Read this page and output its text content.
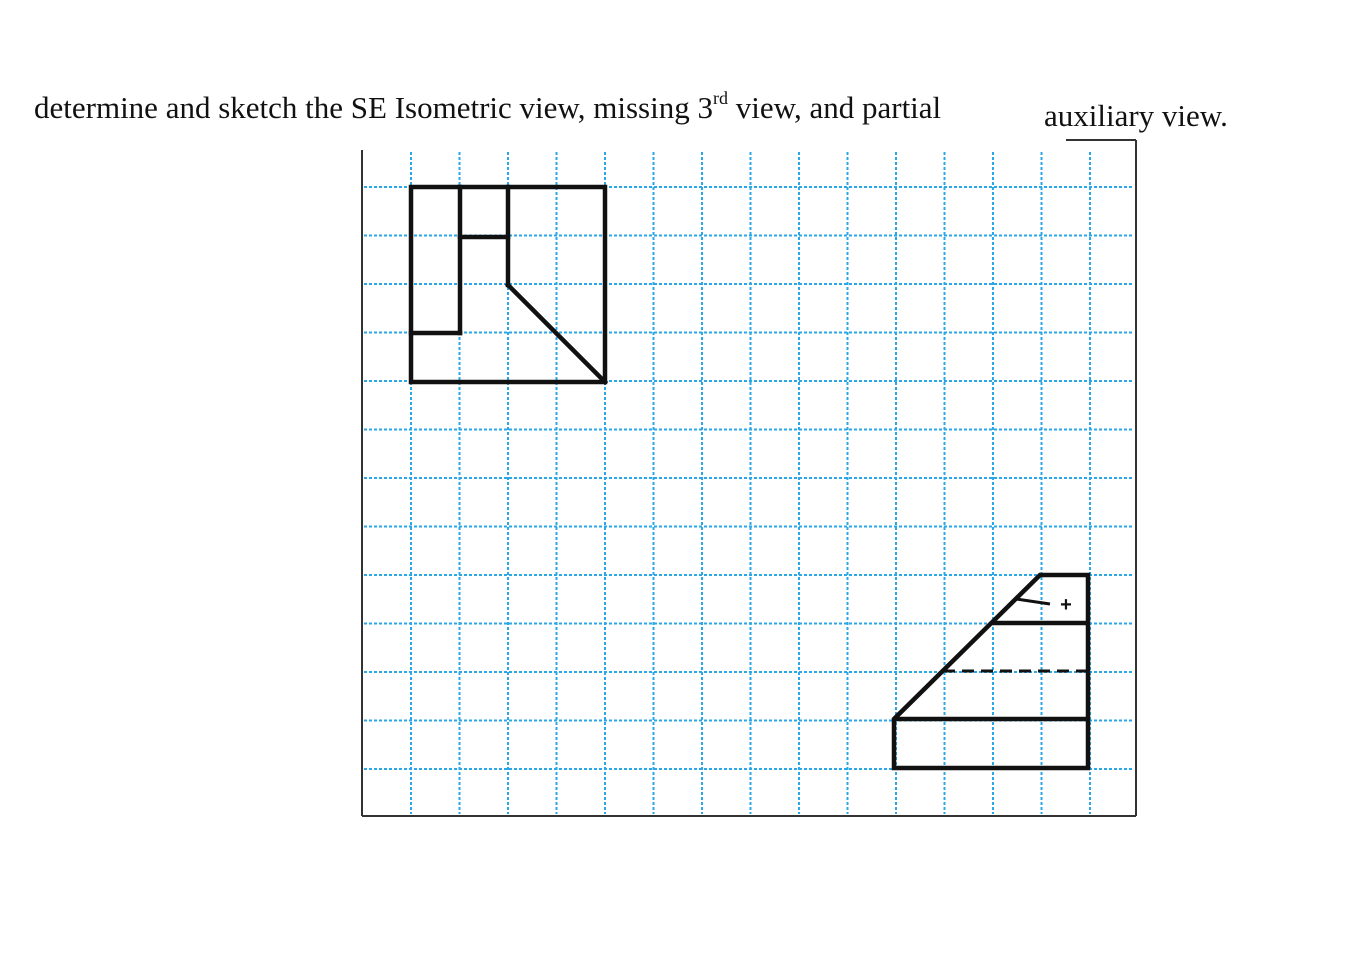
determine and sketch the SE Isometric view, missing 3rd view, and partial	auxiliary view.

+
